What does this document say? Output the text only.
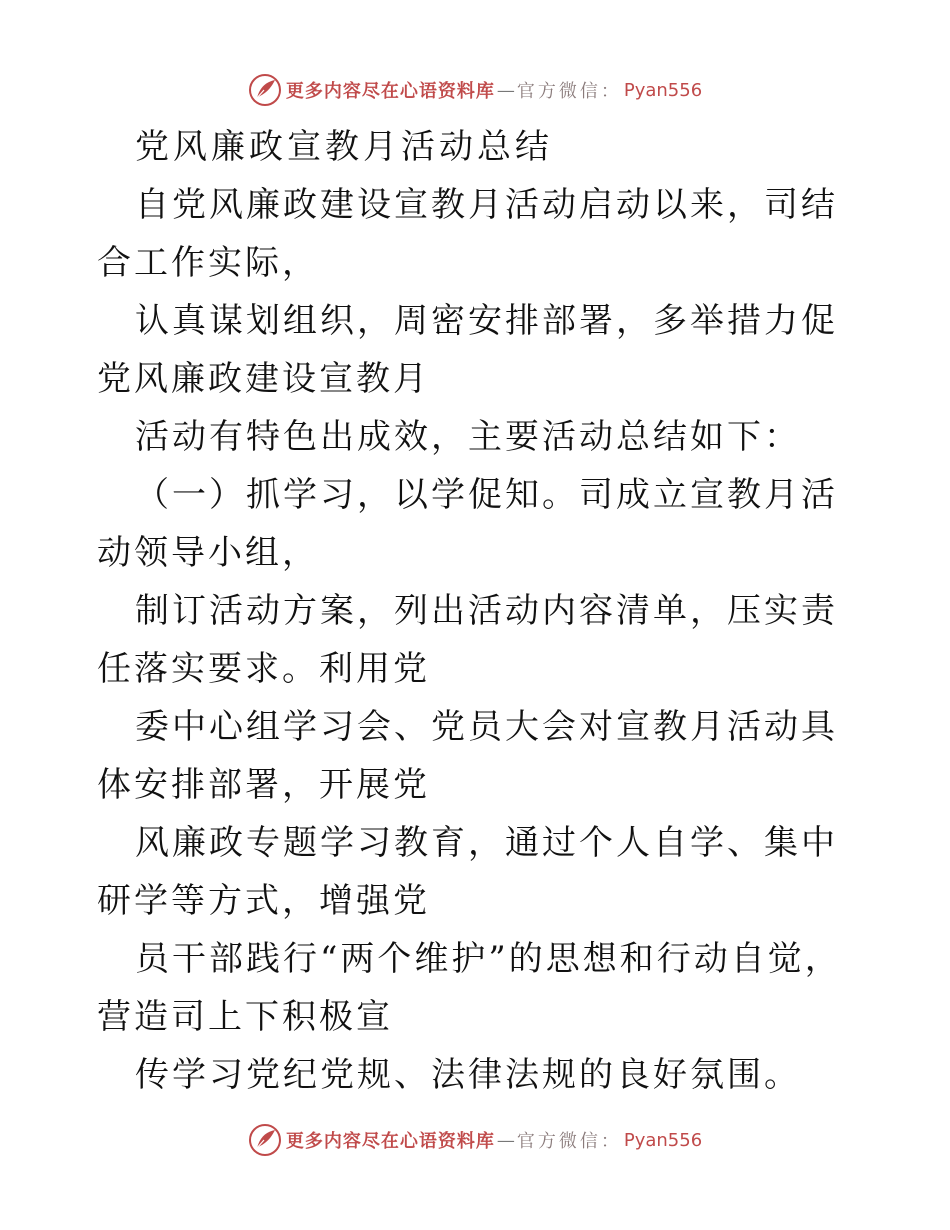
更多内容尽在心语资料库 — 官方微信： Pyan556

党风廉政宣教月活动总结

自党风廉政建设宣教月活动启动以来，司结合工作实际，

认真谋划组织，周密安排部署，多举措力促党风廉政建设宣教月

活动有特色出成效，主要活动总结如下：

（一）抓学习，以学促知。司成立宣教月活动领导小组，

制订活动方案，列出活动内容清单，压实责任落实要求。利用党

委中心组学习会、党员大会对宣教月活动具体安排部署，开展党

风廉政专题学习教育，通过个人自学、集中研学等方式，增强党

员干部践行“两个维护”的思想和行动自觉，营造司上下积极宣

传学习党纪党规、法律法规的良好氛围。

更多内容尽在心语资料库 — 官方微信： Pyan556
